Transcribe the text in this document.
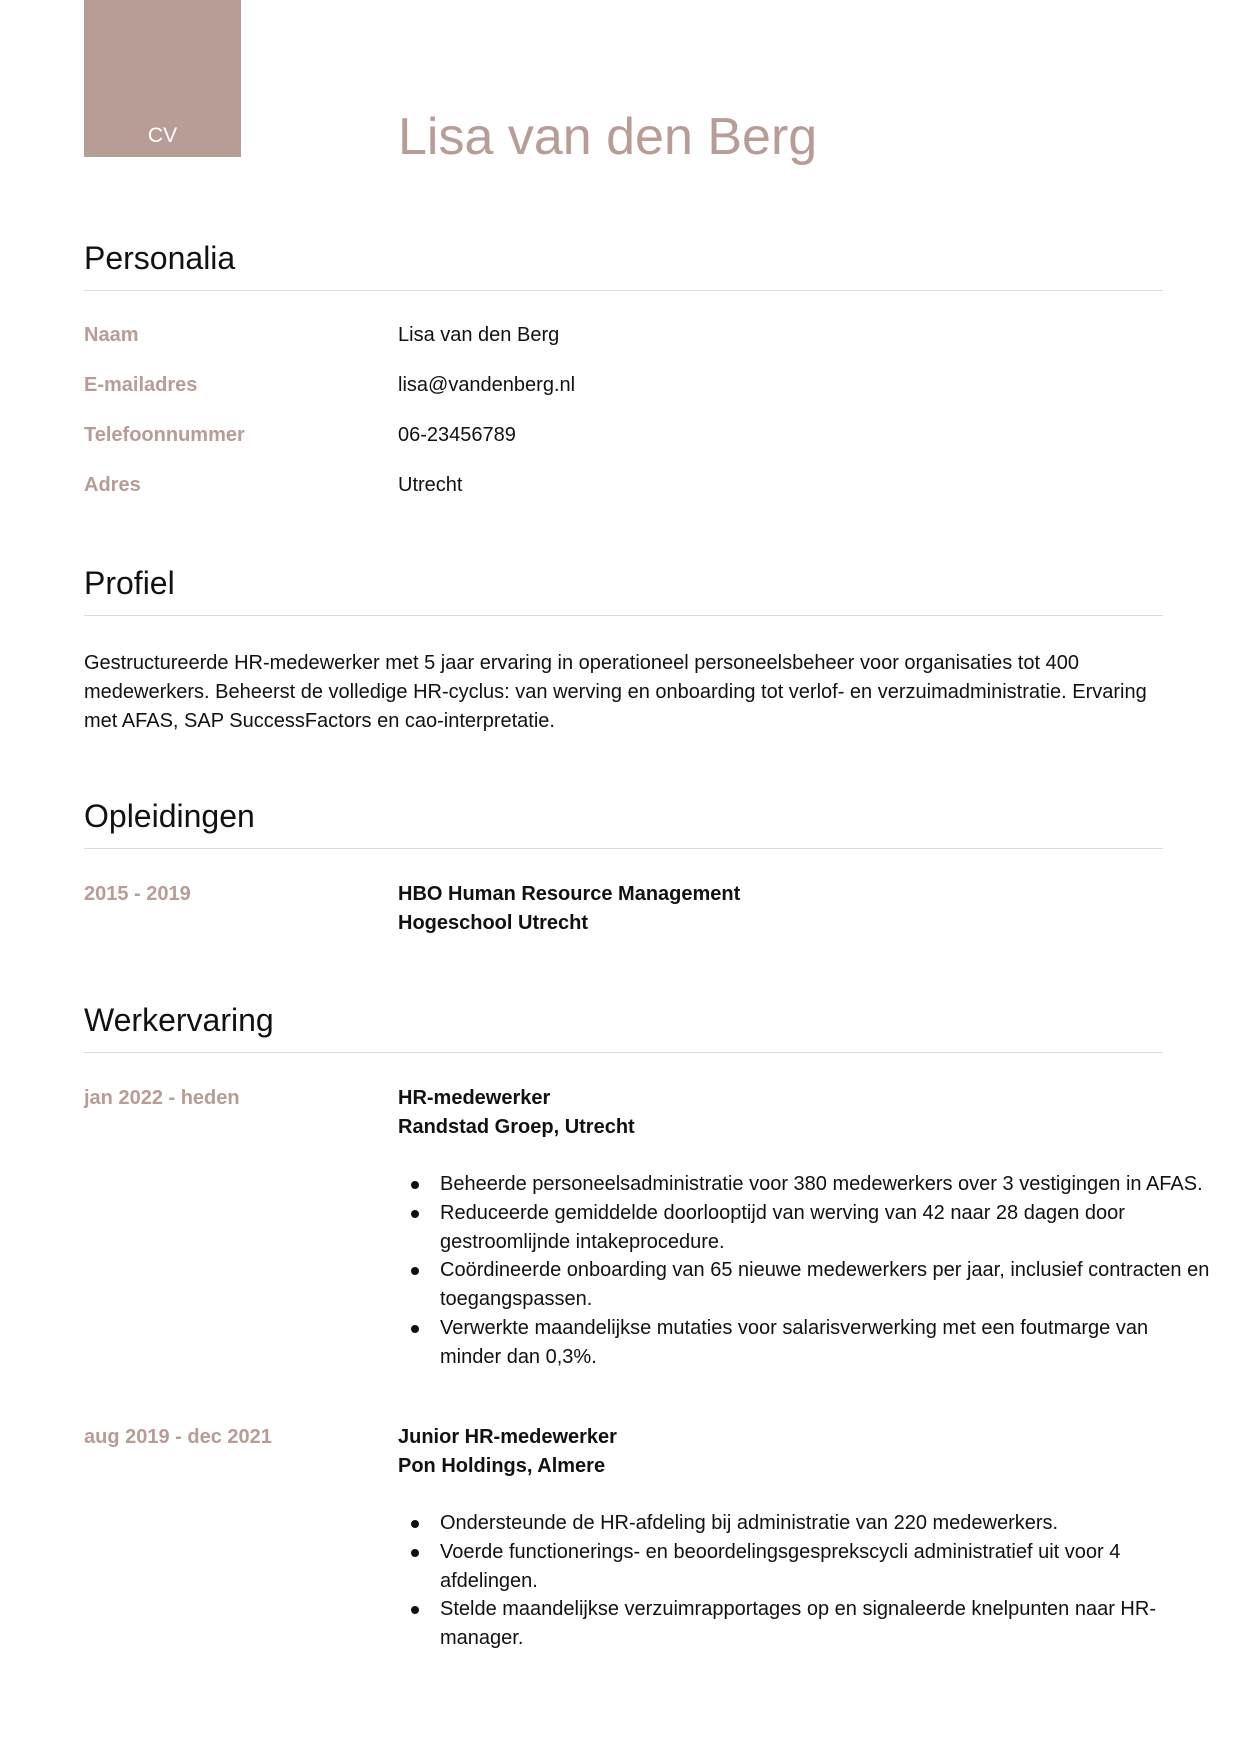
CV	Lisa van den Berg
Personalia
Naam	Lisa van den Berg
E-mailadres	lisa@vandenberg.nl
Telefoonnummer	06-23456789
Adres	Utrecht
Profiel

Gestructureerde HR-medewerker met 5 jaar ervaring in operationeel personeelsbeheer voor organisaties tot 400 medewerkers. Beheerst de volledige HR-cyclus: van werving en onboarding tot verlof- en verzuimadministratie. Ervaring met AFAS, SAP SuccessFactors en cao-interpretatie.

Opleidingen
2015 - 2019	HBO Human Resource Management
Hogeschool Utrecht
Werkervaring
jan 2022 - heden	HR-medewerker
Randstad Groep, Utrecht
Beheerde personeelsadministratie voor 380 medewerkers over 3 vestigingen in AFAS.
Reduceerde gemiddelde doorlooptijd van werving van 42 naar 28 dagen door gestroomlijnde intakeprocedure.
Coördineerde onboarding van 65 nieuwe medewerkers per jaar, inclusief contracten en toegangspassen.
Verwerkte maandelijkse mutaties voor salarisverwerking met een foutmarge van minder dan 0,3%.
aug 2019 - dec 2021	Junior HR-medewerker
Pon Holdings, Almere
Ondersteunde de HR-afdeling bij administratie van 220 medewerkers.
Voerde functionerings- en beoordelingsgesprekscycli administratief uit voor 4 afdelingen.
Stelde maandelijkse verzuimrapportages op en signaleerde knelpunten naar HR-manager.
